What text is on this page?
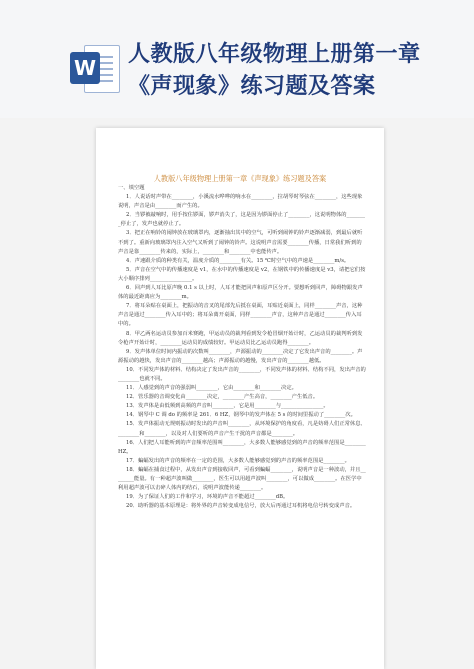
W
人教版八年级物理上册第一章
《声现象》练习题及答案
人教版八年级物理上册第一章《声现象》练习题及答案
一、填空题

1．人说话时声带在________，小溪流水哗哗的响水在________，拉胡琴时琴弦在________，这些现象说明，声音是由________而产生的。

2．当锣被敲响时，用手按住锣面，锣声消失了，这是因为锣面停止了________，这说明物体的________停止了，发声也就停止了。

3．把正在响铃的闹钟放在玻璃罩内，逐渐抽出其中的空气，可听到闹钟的铃声逐渐减弱，到最后就听不到了。重新向玻璃罩内注入空气又听到了闹钟的铃声。这说明声音需要________传播，日常我们听到的声音是靠________传来的，实际上，________和________中也能传声。

4．声速跟介质的种类有关，温度介质的________有关。15 ℃时空气中的声速是________m/s。

5．声音在空气中的传播速度是 v1，在水中的传播速度是 v2，在钢铁中的传播速度是 v3，请把它们按大小顺序排列________________。

6．回声到人耳比原声晚 0.1 s 以上时，人耳才能把回声和原声区分开。要想听到回声，障碍物跟发声体的最近距离应为________m。

7．将耳朵贴在桌面上，把振动的音叉的尾部先后抵在桌面，耳贴近桌面上，同样________声音，这种声音是通过________传入耳中的；将耳朵离开桌面，同样________声音，这种声音是通过________传入耳中的。

8．甲乙两名运动员参加百米赛跑，甲运动员的裁判看到发令枪冒烟开始计时，乙运动员的裁判听到发令枪声开始计时，________运动员的成绩较好。甲运动员比乙运动员跑得________。

9．发声体单位时间内振动的次数叫________，声源振动的________决定了它发出声音的________。声源振动的越快，发出声音的________越高；声源振动的越慢，发出声音的________越低。

10．不同发声体的材料、结构决定了发出声音的________，不同发声体的材料、结构不同，发出声音的________也就不同。

11．人感觉到的声音的强弱叫________，它由________和________决定。

12．管乐器的音调变化由________决定，________产生高音，________产生低音。

13．发声体是由低频到高频的声音叫________，它是用________与________________。

14．钢琴中 C 调 do 的频率是 261．6 HZ，钢琴中的发声体在 5 s 的时间里振动了________次。

15．发声体振动无规则振动时发出的声音叫________，从环境保护的角度看，凡是妨碍人们正常休息、________和________，以及对人们要听的声音产生干扰的声音都是________。

16．人们把人耳能听到的声音频率范围叫________，大多数人能够感觉到的声音的频率范围是________HZ。

17．蝙蝠发出的声音的频率在一定的范围，大多数人能够感觉到的声音的频率范围是________。

18．蝙蝠在捕食过程中，从发出声音到接收回声，可看到蝙蝠________，说明声音是一种波动，并且________能量。有一种超声波叫做________，医生可以用超声波叫________，可以做成________。在医学中利用超声波可以击碎人体内的结石，说明声波能传递________。

19．为了保证人们的工作和学习，环境的声音不能超过________dB。

20．助听器的基本原理是：将外界的声音转变成电信号，放大后再通过耳机将电信号转变成声音。
